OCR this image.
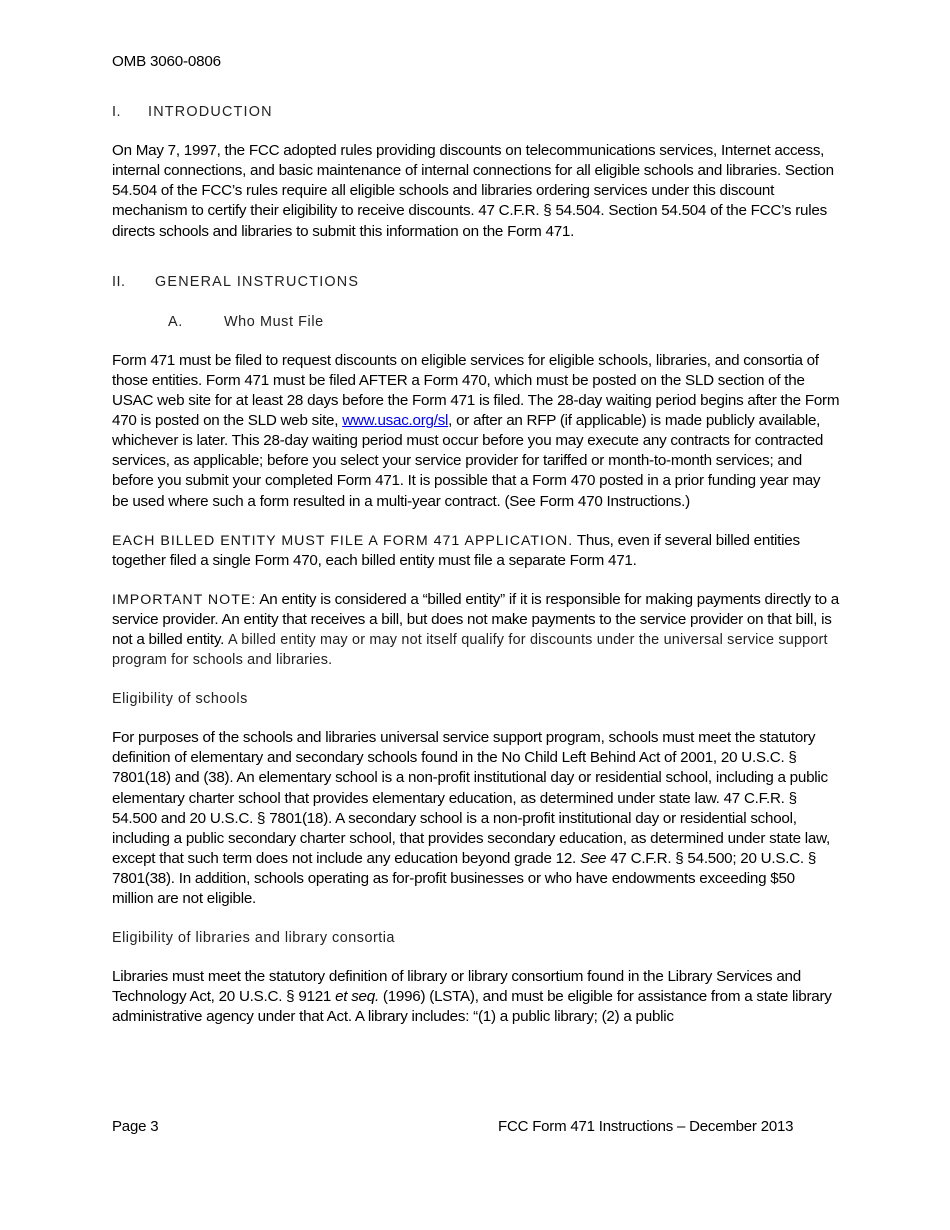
OMB 3060-0806

I. INTRODUCTION

On May 7, 1997, the FCC adopted rules providing discounts on telecommunications services, Internet access, internal connections, and basic maintenance of internal connections for all eligible schools and libraries. Section 54.504 of the FCC’s rules require all eligible schools and libraries ordering services under this discount mechanism to certify their eligibility to receive discounts. 47 C.F.R. § 54.504. Section 54.504 of the FCC’s rules directs schools and libraries to submit this information on the Form 471.

II. GENERAL INSTRUCTIONS

A.	Who Must File

Form 471 must be filed to request discounts on eligible services for eligible schools, libraries, and consortia of those entities. Form 471 must be filed AFTER a Form 470, which must be posted on the SLD section of the USAC web site for at least 28 days before the Form 471 is filed. The 28-day waiting period begins after the Form 470 is posted on the SLD web site, www.usac.org/sl, or after an RFP (if applicable) is made publicly available, whichever is later. This 28-day waiting period must occur before you may execute any contracts for contracted services, as applicable; before you select your service provider for tariffed or month-to-month services; and before you submit your completed Form 471. It is possible that a Form 470 posted in a prior funding year may be used where such a form resulted in a multi-year contract. (See Form 470 Instructions.)

EACH BILLED ENTITY MUST FILE A FORM 471 APPLICATION. Thus, even if several billed entities together filed a single Form 470, each billed entity must file a separate Form 471.

IMPORTANT NOTE: An entity is considered a “billed entity” if it is responsible for making payments directly to a service provider. An entity that receives a bill, but does not make payments to the service provider on that bill, is not a billed entity. A billed entity may or may not itself qualify for discounts under the universal service support program for schools and libraries.

Eligibility of schools

For purposes of the schools and libraries universal service support program, schools must meet the statutory definition of elementary and secondary schools found in the No Child Left Behind Act of 2001, 20 U.S.C. § 7801(18) and (38). An elementary school is a non-profit institutional day or residential school, including a public elementary charter school that provides elementary education, as determined under state law. 47 C.F.R. § 54.500 and 20 U.S.C. § 7801(18). A secondary school is a non-profit institutional day or residential school, including a public secondary charter school, that provides secondary education, as determined under state law, except that such term does not include any education beyond grade 12. See 47 C.F.R. § 54.500; 20 U.S.C. § 7801(38). In addition, schools operating as for-profit businesses or who have endowments exceeding $50 million are not eligible.

Eligibility of libraries and library consortia

Libraries must meet the statutory definition of library or library consortium found in the Library Services and Technology Act, 20 U.S.C. § 9121 et seq. (1996) (LSTA), and must be eligible for assistance from a state library administrative agency under that Act. A library includes: “(1) a public library; (2) a public

Page 3	FCC Form 471 Instructions – December 2013
